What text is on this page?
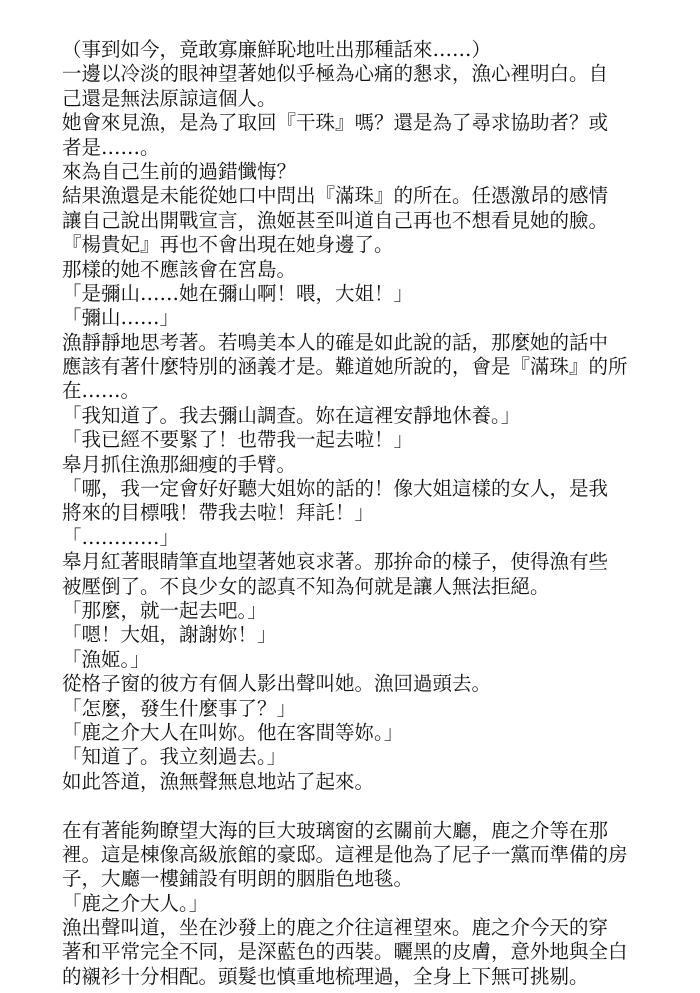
（事到如今，竟敢寡廉鮮恥地吐出那種話來……）
一邊以冷淡的眼神望著她似乎極為心痛的懇求，漁心裡明白。自
己還是無法原諒這個人。
她會來見漁，是為了取回『干珠』嗎？還是為了尋求協助者？或
者是……。
來為自己生前的過錯懺悔？
結果漁還是未能從她口中問出『滿珠』的所在。任憑激昂的感情
讓自己說出開戰宣言，漁姬甚至叫道自己再也不想看見她的臉。
『楊貴妃』再也不會出現在她身邊了。
那樣的她不應該會在宮島。
「是彌山……她在彌山啊！喂，大姐！」
「彌山……」
漁靜靜地思考著。若鳴美本人的確是如此說的話，那麼她的話中
應該有著什麼特別的涵義才是。難道她所說的，會是『滿珠』的所
在……。
「我知道了。我去彌山調查。妳在這裡安靜地休養。」
「我已經不要緊了！也帶我一起去啦！」
皋月抓住漁那細瘦的手臂。
「哪，我一定會好好聽大姐妳的話的！像大姐這樣的女人，是我
將來的目標哦！帶我去啦！拜託！」
「…………」
皋月紅著眼睛筆直地望著她哀求著。那拚命的樣子，使得漁有些
被壓倒了。不良少女的認真不知為何就是讓人無法拒絕。
「那麼，就一起去吧。」
「嗯！大姐，謝謝妳！」
「漁姬。」
從格子窗的彼方有個人影出聲叫她。漁回過頭去。
「怎麼，發生什麼事了？」
「鹿之介大人在叫妳。他在客間等妳。」
「知道了。我立刻過去。」
如此答道，漁無聲無息地站了起來。
在有著能夠瞭望大海的巨大玻璃窗的玄關前大廳，鹿之介等在那
裡。這是棟像高級旅館的豪邸。這裡是他為了尼子一黨而準備的房
子，大廳一樓鋪設有明朗的胭脂色地毯。
「鹿之介大人。」
漁出聲叫道，坐在沙發上的鹿之介往這裡望來。鹿之介今天的穿
著和平常完全不同，是深藍色的西裝。曬黑的皮膚，意外地與全白
的襯衫十分相配。頭髮也慎重地梳理過，全身上下無可挑剔。
